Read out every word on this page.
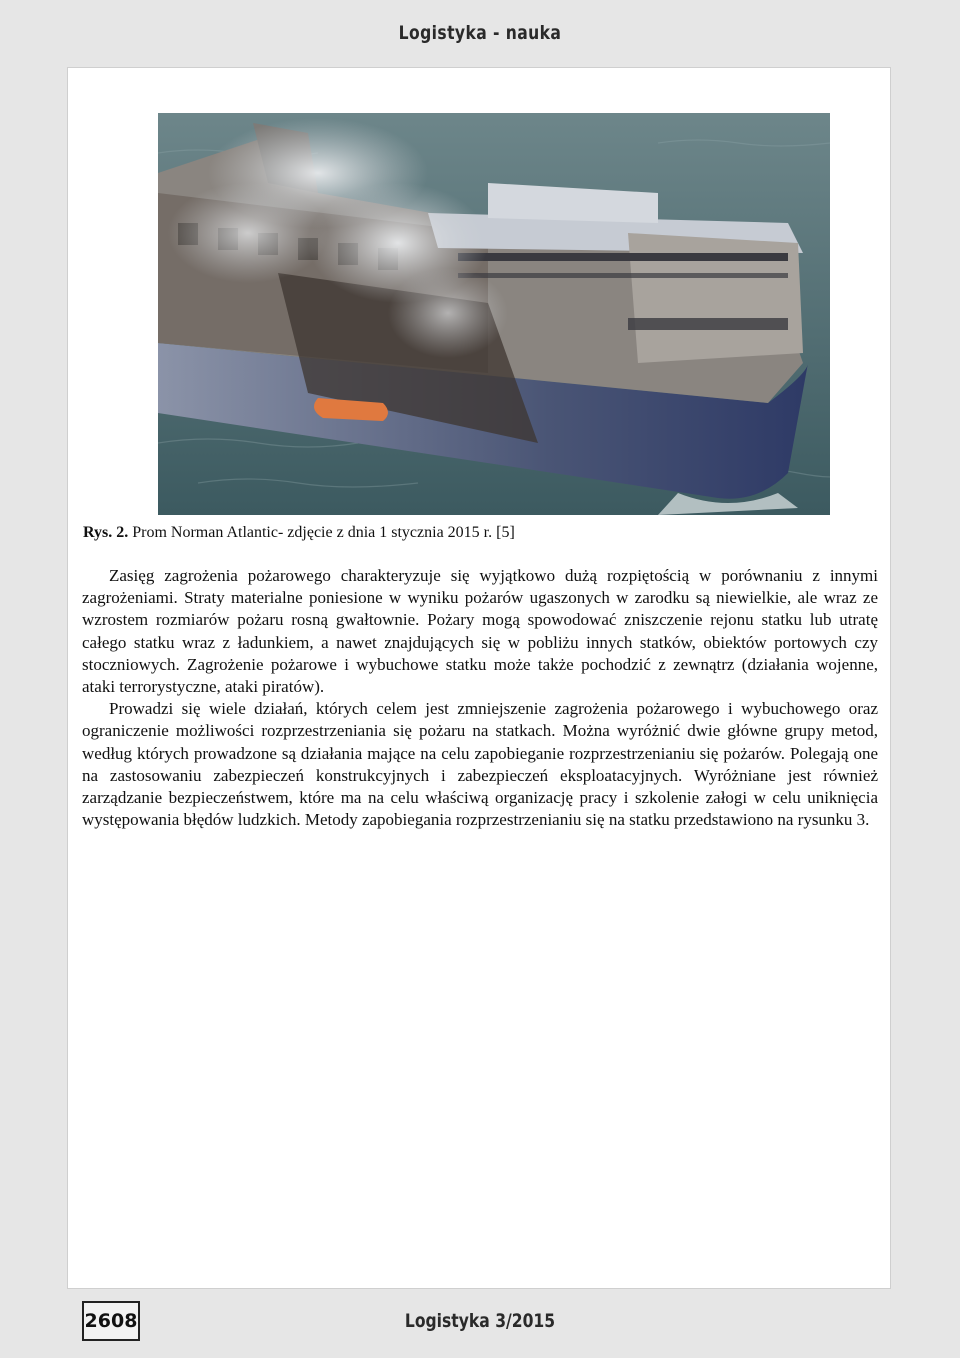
Logistyka - nauka
Rys. 2. Prom Norman Atlantic- zdjęcie z dnia 1 stycznia 2015 r. [5]

Zasięg zagrożenia pożarowego charakteryzuje się wyjątkowo dużą rozpiętością w porównaniu z innymi zagrożeniami. Straty materialne poniesione w wyniku pożarów ugaszonych w zarodku są niewielkie, ale wraz ze wzrostem rozmiarów pożaru rosną gwałtownie. Pożary mogą spowodować zniszczenie rejonu statku lub utratę całego statku wraz z ładunkiem, a nawet znajdujących się w pobliżu innych statków, obiektów portowych czy stoczniowych. Zagrożenie pożarowe i wybuchowe statku może także pochodzić z zewnątrz (działania wojenne, ataki terrorystyczne, ataki piratów).

Prowadzi się wiele działań, których celem jest zmniejszenie zagrożenia pożarowego i wybuchowego oraz ograniczenie możliwości rozprzestrzeniania się pożaru na statkach. Można wyróżnić dwie główne grupy metod, według których prowadzone są działania mające na celu zapobieganie rozprzestrzenianiu się pożarów. Polegają one na zastosowaniu zabezpieczeń konstrukcyjnych i zabezpieczeń eksploatacyjnych. Wyróżniane jest również zarządzanie bezpieczeństwem, które ma na celu właściwą organizację pracy i szkolenie załogi w celu uniknięcia występowania błędów ludzkich. Metody zapobiegania rozprzestrzenianiu się na statku przedstawiono na rysunku 3.

2608	Logistyka 3/2015
